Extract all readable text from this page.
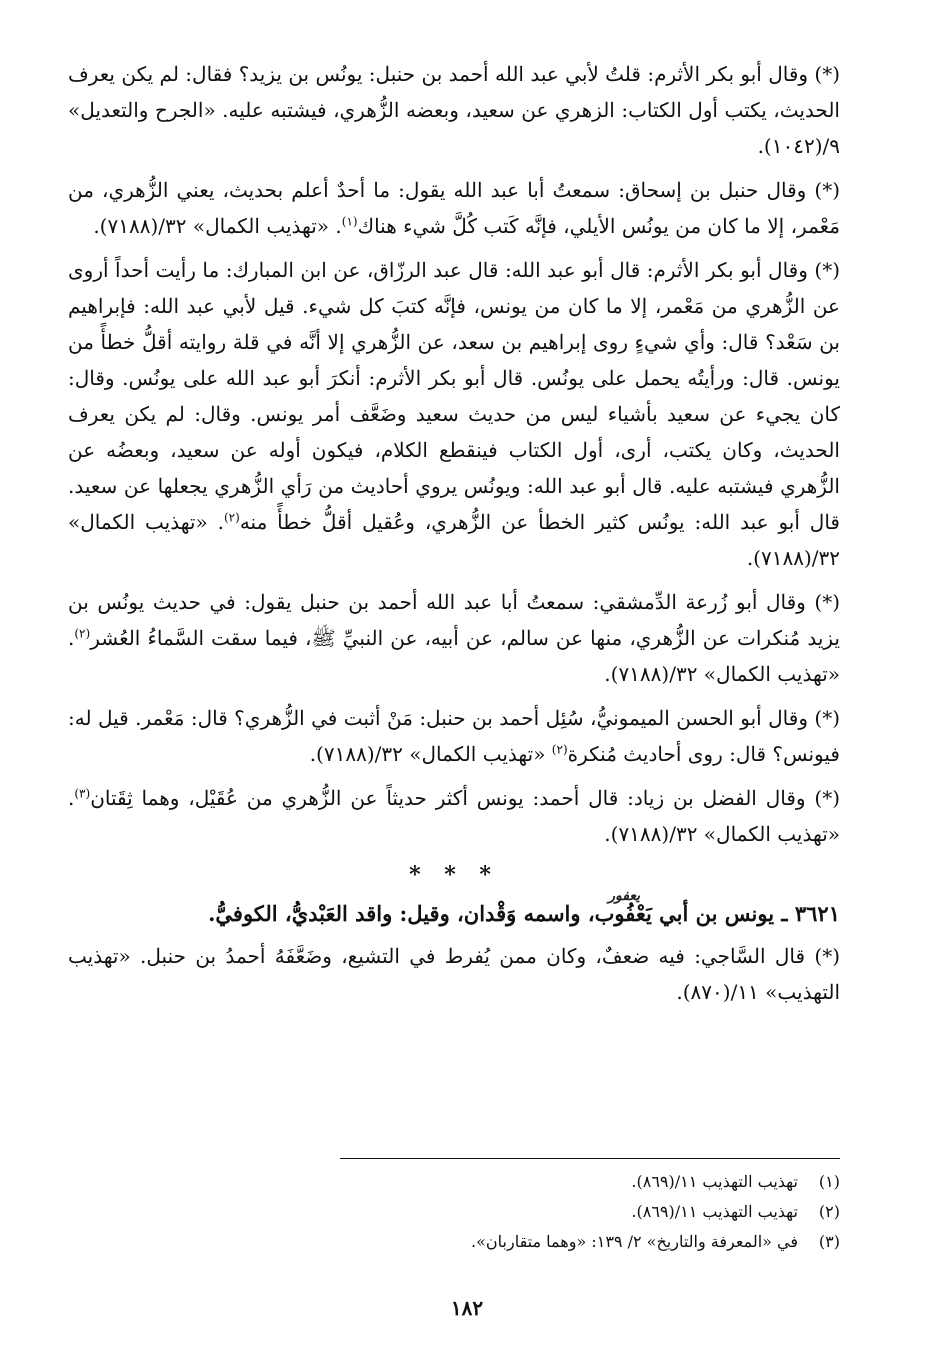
(*) وقال أبو بكر الأثرم: قلتُ لأبي عبد الله أحمد بن حنبل: يونُس بن يزيد؟ فقال: لم يكن يعرف الحديث، يكتب أول الكتاب: الزهري عن سعيد، وبعضه الزُّهري، فيشتبه عليه. «الجرح والتعديل» ٩/(١٠٤٢).

(*) وقال حنبل بن إسحاق: سمعتُ أبا عبد الله يقول: ما أحدٌ أعلم بحديث، يعني الزُّهري، من مَعْمر، إلا ما كان من يونُس الأيلي، فإنَّه كَتب كُلَّ شيء هناك$^{(١)}$. «تهذيب الكمال» ٣٢/(٧١٨٨).

(*) وقال أبو بكر الأثرم: قال أبو عبد الله: قال عبد الرزّاق، عن ابن المبارك: ما رأيت أحداً أروى عن الزُّهري من مَعْمر، إلا ما كان من يونس، فإنَّه كتبَ كل شيء. قيل لأبي عبد الله: فإبراهيم بن سَعْد؟ قال: وأي شيءٍ روى إبراهيم بن سعد، عن الزُّهري إلا أنَّه في قلة روايته أقلُّ خطأً من يونس. قال: ورأيتُه يحمل على يونُس. قال أبو بكر الأثرم: أنكرَ أبو عبد الله على يونُس. وقال: كان يجيء عن سعيد بأشياء ليس من حديث سعيد وضَعَّف أمر يونس. وقال: لم يكن يعرف الحديث، وكان يكتب، أرى، أول الكتاب فينقطع الكلام، فيكون أوله عن سعيد، وبعضُه عن الزُّهري فيشتبه عليه. قال أبو عبد الله: ويونُس يروي أحاديث من رَأي الزُّهري يجعلها عن سعيد. قال أبو عبد الله: يونُس كثير الخطأ عن الزُّهري، وعُقيل أقلُّ خطأً منه$^{(٢)}$. «تهذيب الكمال» ٣٢/(٧١٨٨).

(*) وقال أبو زُرعة الدِّمشقي: سمعتُ أبا عبد الله أحمد بن حنبل يقول: في حديث يونُس بن يزيد مُنكرات عن الزُّهري، منها عن سالم، عن أبيه، عن النبيِّ ﷺ، فيما سقت السَّماءُ العُشر$^{(٢)}$. «تهذيب الكمال» ٣٢/(٧١٨٨).

(*) وقال أبو الحسن الميمونيُّ، سُئِل أحمد بن حنبل: مَنْ أثبت في الزُّهري؟ قال: مَعْمر. قيل له: فيونس؟ قال: روى أحاديث مُنكرة$^{(٢)}$ «تهذيب الكمال» ٣٢/(٧١٨٨).

(*) وقال الفضل بن زياد: قال أحمد: يونس أكثر حديثاً عن الزُّهري من عُقَيْل، وهما ثِقَتان$^{(٣)}$. «تهذيب الكمال» ٣٢/(٧١٨٨).

* * *
يعفور
٣٦٢١ ـ يونس بن أبي يَعْفُوب، واسمه وَقْدان، وقيل: واقد العَبْديُّ، الكوفيُّ.

(*) قال السَّاجي: فيه ضعفٌ، وكان ممن يُفرط في التشيع، وضَعَّفَهُ أحمدُ بن حنبل. «تهذيب التهذيب» ١١/(٨٧٠).

(١)
تهذيب التهذيب ١١/(٨٦٩).
(٢)
تهذيب التهذيب ١١/(٨٦٩).
(٣)
في «المعرفة والتاريخ» ٢/ ١٣٩: «وهما متقاربان».
١٨٢
